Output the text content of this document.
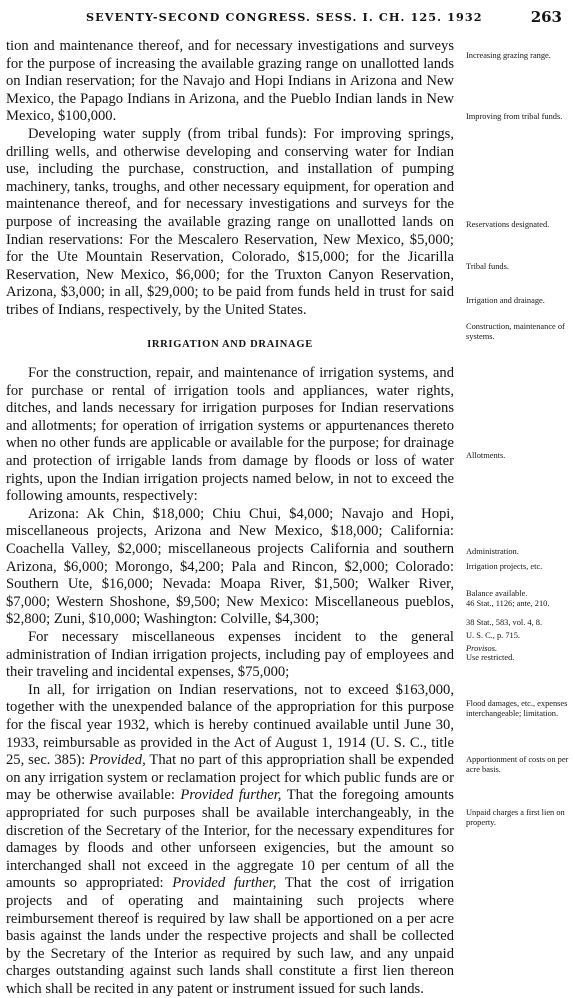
SEVENTY-SECOND CONGRESS. SESS. I. CH. 125. 1932	263

tion and maintenance thereof, and for necessary investigations and surveys for the purpose of increasing the available grazing range on unallotted lands on Indian reservation; for the Navajo and Hopi Indians in Arizona and New Mexico, the Papago Indians in Arizona, and the Pueblo Indian lands in New Mexico, $100,000.

Developing water supply (from tribal funds): For improving springs, drilling wells, and otherwise developing and conserving water for Indian use, including the purchase, construction, and installation of pumping machinery, tanks, troughs, and other necessary equipment, for operation and maintenance thereof, and for necessary investigations and surveys for the purpose of increasing the available grazing range on unallotted lands on Indian reservations: For the Mescalero Reservation, New Mexico, $5,000; for the Ute Mountain Reservation, Colorado, $15,000; for the Jicarilla Reservation, New Mexico, $6,000; for the Truxton Canyon Reservation, Arizona, $3,000; in all, $29,000; to be paid from funds held in trust for said tribes of Indians, respectively, by the United States.

IRRIGATION AND DRAINAGE

For the construction, repair, and maintenance of irrigation systems, and for purchase or rental of irrigation tools and appliances, water rights, ditches, and lands necessary for irrigation purposes for Indian reservations and allotments; for operation of irrigation systems or appurtenances thereto when no other funds are applicable or available for the purpose; for drainage and protection of irrigable lands from damage by floods or loss of water rights, upon the Indian irrigation projects named below, in not to exceed the following amounts, respectively:

Arizona: Ak Chin, $18,000; Chiu Chui, $4,000; Navajo and Hopi, miscellaneous projects, Arizona and New Mexico, $18,000; California: Coachella Valley, $2,000; miscellaneous projects California and southern Arizona, $6,000; Morongo, $4,200; Pala and Rincon, $2,000; Colorado: Southern Ute, $16,000; Nevada: Moapa River, $1,500; Walker River, $7,000; Western Shoshone, $9,500; New Mexico: Miscellaneous pueblos, $2,800; Zuni, $10,000; Washington: Colville, $4,300;

For necessary miscellaneous expenses incident to the general administration of Indian irrigation projects, including pay of employees and their traveling and incidental expenses, $75,000;

In all, for irrigation on Indian reservations, not to exceed $163,000, together with the unexpended balance of the appropriation for this purpose for the fiscal year 1932, which is hereby continued available until June 30, 1933, reimbursable as provided in the Act of August 1, 1914 (U. S. C., title 25, sec. 385): Provided, That no part of this appropriation shall be expended on any irrigation system or reclamation project for which public funds are or may be otherwise available: Provided further, That the foregoing amounts appropriated for such purposes shall be available interchangeably, in the discretion of the Secretary of the Interior, for the necessary expenditures for damages by floods and other unforseen exigencies, but the amount so interchanged shall not exceed in the aggregate 10 per centum of all the amounts so appropriated: Provided further, That the cost of irrigation projects and of operating and maintaining such projects where reimbursement thereof is required by law shall be apportioned on a per acre basis against the lands under the respective projects and shall be collected by the Secretary of the Interior as required by such law, and any unpaid charges outstanding against such lands shall constitute a first lien thereon which shall be recited in any patent or instrument issued for such lands.

Increasing grazing range.
Improving from tribal funds.
Reservations designated.
Tribal funds.
Irrigation and drainage.
Construction, maintenance of systems.
Allotments.
Administration.
Irrigation projects, etc.
Balance available.
46 Stat., 1126; ante, 210.
38 Stat., 583, vol. 4, 8.
U. S. C., p. 715.
Provisos.
Use restricted.
Flood damages, etc., expenses interchangeable; limitation.
Apportionment of costs on per acre basis.
Unpaid charges a first lien on property.
